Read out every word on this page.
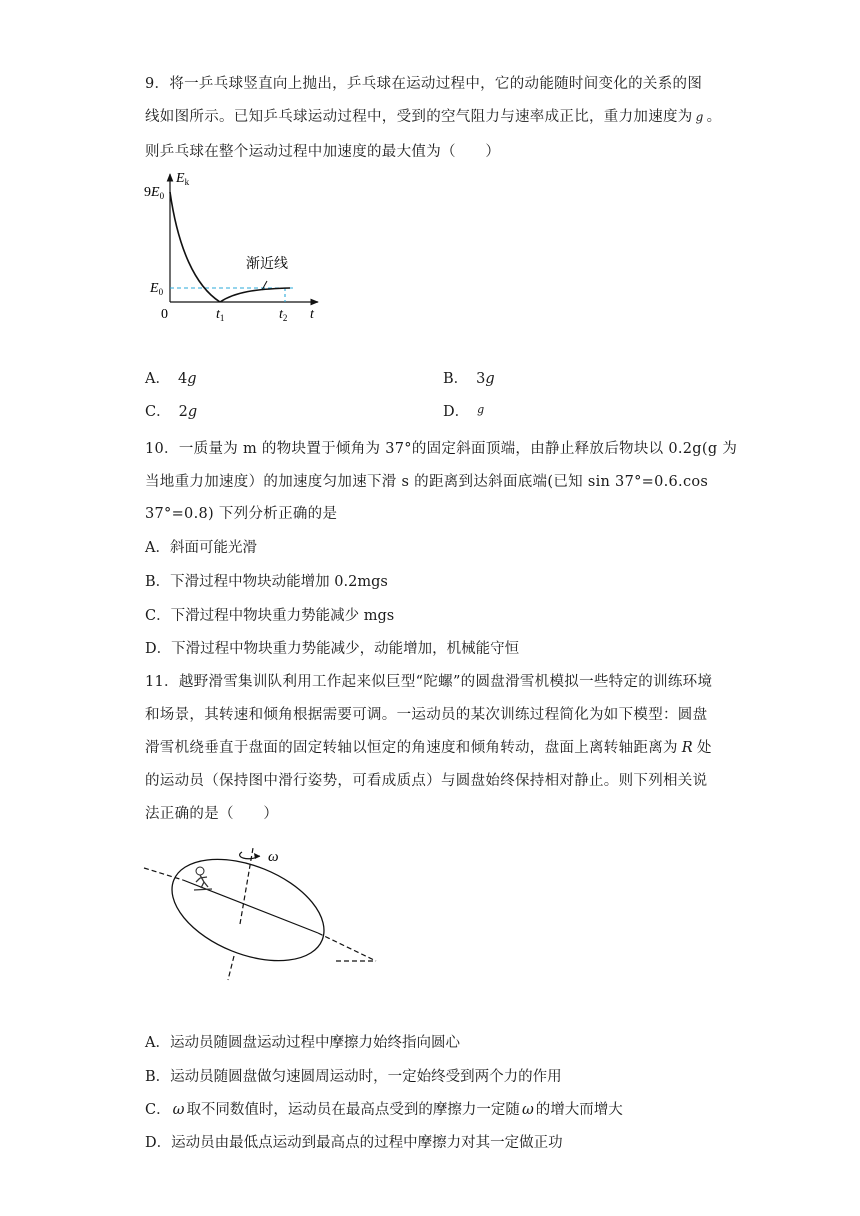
9．将一乒乓球竖直向上抛出，乒乓球在运动过程中，它的动能随时间变化的关系的图
线如图所示。已知乒乓球运动过程中，受到的空气阻力与速率成正比，重力加速度为 g 。
则乒乓球在整个运动过程中加速度的最大值为（　　）
$E_k$
$9E_0$
$E_0$
0	$t_1$	$t_2$ t
渐近线
A． 4g	B． 3g
C． 2g	D． $^g$
10．一质量为 m 的物块置于倾角为 37°的固定斜面顶端，由静止释放后物块以 0.2g(g 为
当地重力加速度）的加速度匀加速下滑 s 的距离到达斜面底端(已知 sin 37°=0.6.cos
37°=0.8) 下列分析正确的是
A．斜面可能光滑
B．下滑过程中物块动能增加 0.2mgs
C．下滑过程中物块重力势能减少 mgs
D．下滑过程中物块重力势能减少，动能增加，机械能守恒
11．越野滑雪集训队利用工作起来似巨型“陀螺”的圆盘滑雪机模拟一些特定的训练环境
和场景，其转速和倾角根据需要可调。一运动员的某次训练过程简化为如下模型：圆盘
滑雪机绕垂直于盘面的固定转轴以恒定的角速度和倾角转动，盘面上离转轴距离为 R 处
的运动员（保持图中滑行姿势，可看成质点）与圆盘始终保持相对静止。则下列相关说
法正确的是（　　）
ω
A．运动员随圆盘运动过程中摩擦力始终指向圆心
B．运动员随圆盘做匀速圆周运动时，一定始终受到两个力的作用
C． ω 取不同数值时，运动员在最高点受到的摩擦力一定随 ω 的增大而增大
D．运动员由最低点运动到最高点的过程中摩擦力对其一定做正功
